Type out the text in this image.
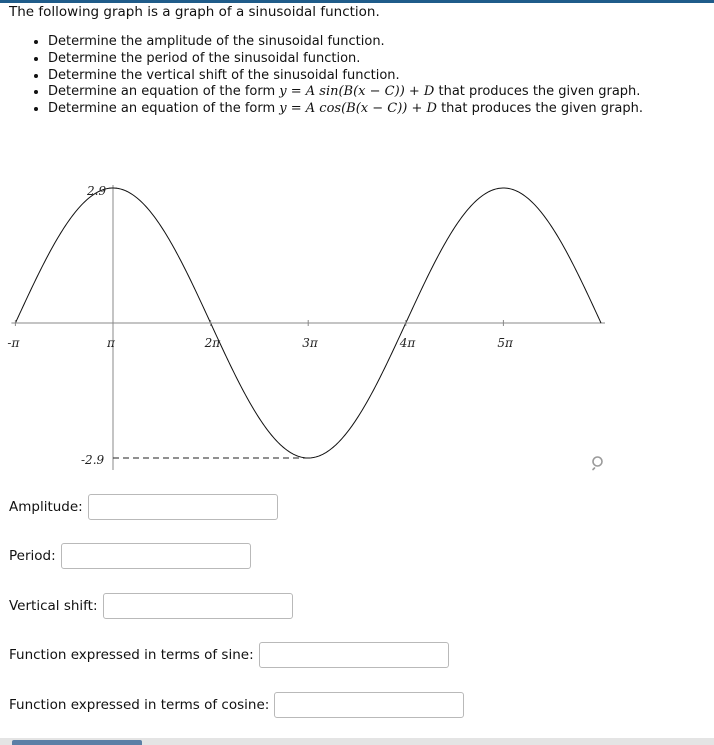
The following graph is a graph of a sinusoidal function.

• Determine the amplitude of the sinusoidal function.
• Determine the period of the sinusoidal function.
• Determine the vertical shift of the sinusoidal function.
• Determine an equation of the form y = A sin(B(x − C)) + D that produces the given graph.
• Determine an equation of the form y = A cos(B(x − C)) + D that produces the given graph.
-π	π	2π	3π	4π	5π
2.9
-2.9
Amplitude:
Period:
Vertical shift:
Function expressed in terms of sine:
Function expressed in terms of cosine:
